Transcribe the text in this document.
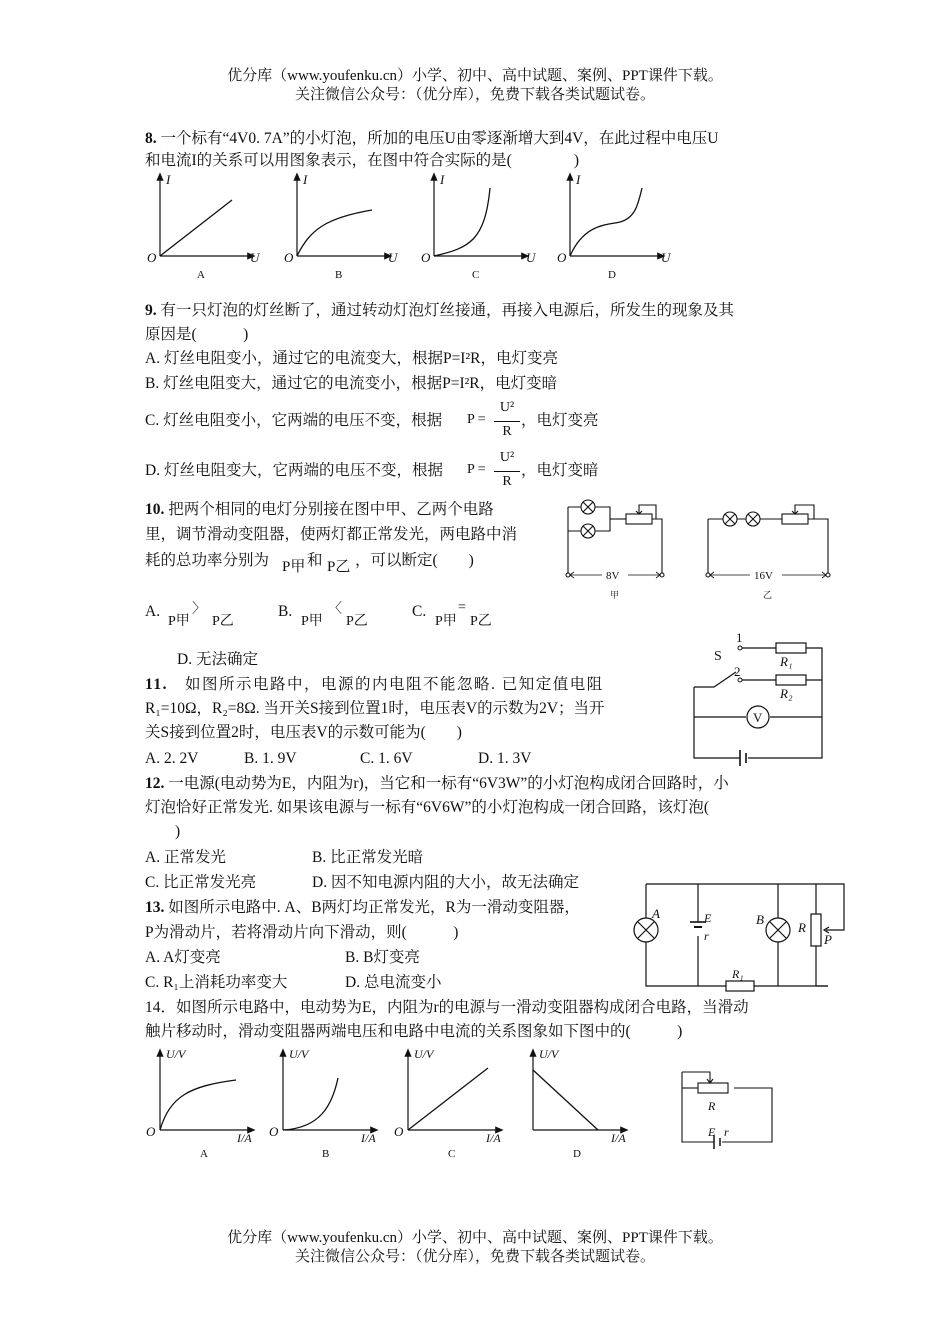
优分库（www.youfenku.cn）小学、初中、高中试题、案例、PPT课件下载。
关注微信公众号：（优分库），免费下载各类试题试卷。
8. 一个标有“4V0. 7A”的小灯泡，所加的电压U由零逐渐增大到4V，在此过程中电压U
和电流I的关系可以用图象表示，在图中符合实际的是(　　　　)
I
O	U
A
I
O	U
B
I
O	U
C
I
O	U
D
9. 有一只灯泡的灯丝断了，通过转动灯泡灯丝接通，再接入电源后，所发生的现象及其
原因是(　　　)
A. 灯丝电阻变小，通过它的电流变大，根据P=I²R，电灯变亮
B. 灯丝电阻变大，通过它的电流变小，根据P=I²R，电灯变暗
C. 灯丝电阻变小，它两端的电压不变，根据 P =
U²
R
，电灯变亮
D. 灯丝电阻变大，它两端的电压不变，根据 P =
U²
R
，电灯变暗
10. 把两个相同的电灯分别接在图中甲、乙两个电路
里，调节滑动变阻器，使两灯都正常发光，两电路中消
耗的总功率分别为 P甲 和 P乙 ，可以断定(　　)
A.
P甲
〉
P乙
B.
P甲
〈
P乙
C.
P甲
=
P乙
D. 无法确定
8V
甲
16V
乙
11.　 如图所示电路中，电源的内电阻不能忽略. 已知定值电阻
R₁=10Ω，R₂=8Ω. 当开关S接到位置1时，电压表V的示数为2V；当开
关S接到位置2时，电压表V的示数可能为(　　)
A. 2. 2V	B. 1. 9V	C. 1. 6V	D. 1. 3V
S
1
2
R₁
R₂
V
12. 一电源(电动势为E，内阻为r)，当它和一标有“6V3W”的小灯泡构成闭合回路时，小
灯泡恰好正常发光. 如果该电源与一标有“6V6W”的小灯泡构成一闭合回路，该灯泡(
)
A. 正常发光	B. 比正常发光暗
C. 比正常发光亮	D. 因不知电源内阻的大小，故无法确定
13. 如图所示电路中. A、B两灯均正常发光，R为一滑动变阻器，
P为滑动片，若将滑动片向下滑动，则(　　　)
A. A灯变亮	B. B灯变亮
C. R₁上消耗功率变大	D. 总电流变小
A	E
r
B
R
P
R₁
14．如图所示电路中，电动势为E，内阻为r的电源与一滑动变阻器构成闭合电路，当滑动
触片移动时，滑动变阻器两端电压和电路中电流的关系图象如下图中的(　　　)
U/V
O	I/A
A
U/V
O	I/A
B
U/V
O	I/A
C
U/V
I/A
D
R
E r
优分库（www.youfenku.cn）小学、初中、高中试题、案例、PPT课件下载。
关注微信公众号：（优分库），免费下载各类试题试卷。
